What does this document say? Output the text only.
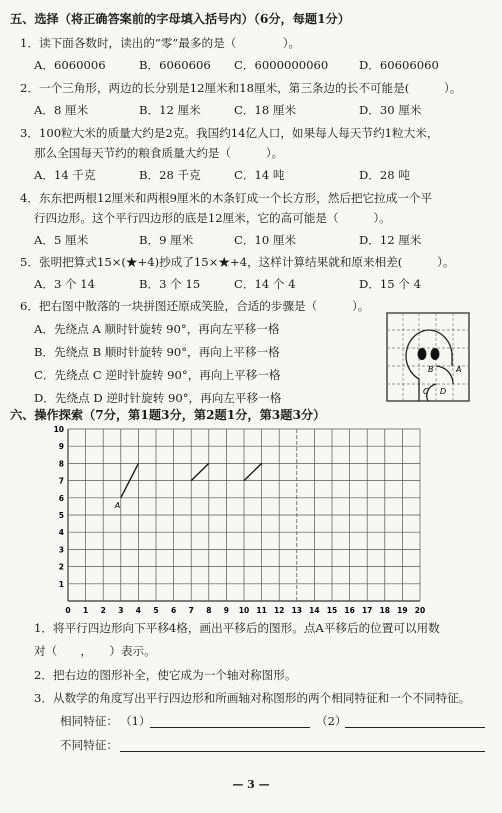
五、选择（将正确答案前的字母填入括号内）（6分，每题1分）
1．读下面各数时，读出的“零”最多的是（　　　　）。
A．6060006	B．6060606	C．6000000060	D．60606060
2．一个三角形，两边的长分别是12厘米和18厘米，第三条边的长不可能是(　　　）。
A．8 厘米	B．12 厘米	C．18 厘米	D．30 厘米
3．100粒大米的质量大约是2克。我国约14亿人口，如果每人每天节约1粒大米，
那么全国每天节约的粮食质量大约是（　　　）。
A．14 千克	B．28 千克	C．14 吨	D．28 吨
4．东东把两根12厘米和两根9厘米的木条钉成一个长方形，然后把它拉成一个平
行四边形。这个平行四边形的底是12厘米，它的高可能是（　　　）。
A．5 厘米	B．9 厘米	C．10 厘米	D．12 厘米
5．张明把算式15×(★+4)抄成了15×★+4，这样计算结果就和原来相差(　　　）。
A．3 个 14	B．3 个 15	C．14 个 4	D．15 个 4
6．把右图中散落的一块拼图还原成笑脸，合适的步骤是（　　　）。
A．先绕点 A 顺时针旋转 90°，再向左平移一格
B．先绕点 B 顺时针旋转 90°，再向上平移一格
C．先绕点 C 逆时针旋转 90°，再向上平移一格
D．先绕点 D 逆时针旋转 90°，再向左平移一格
B	A
C D
六、操作探索（7分，第1题3分，第2题1分，第3题3分）
0 1 2 3 4 5 6 7 8 9 10 11 12 13 14 15 16 17 18 19 20
1
2
3
4
5
6
7
8
9
10
A
1．将平行四边形向下平移4格，画出平移后的图形。点A平移后的位置可以用数
对（　　，　　）表示。
2．把右边的图形补全，使它成为一个轴对称图形。
3．从数学的角度写出平行四边形和所画轴对称图形的两个相同特征和一个不同特征。
相同特征： （1）	（2）
不同特征：
— 3 —
